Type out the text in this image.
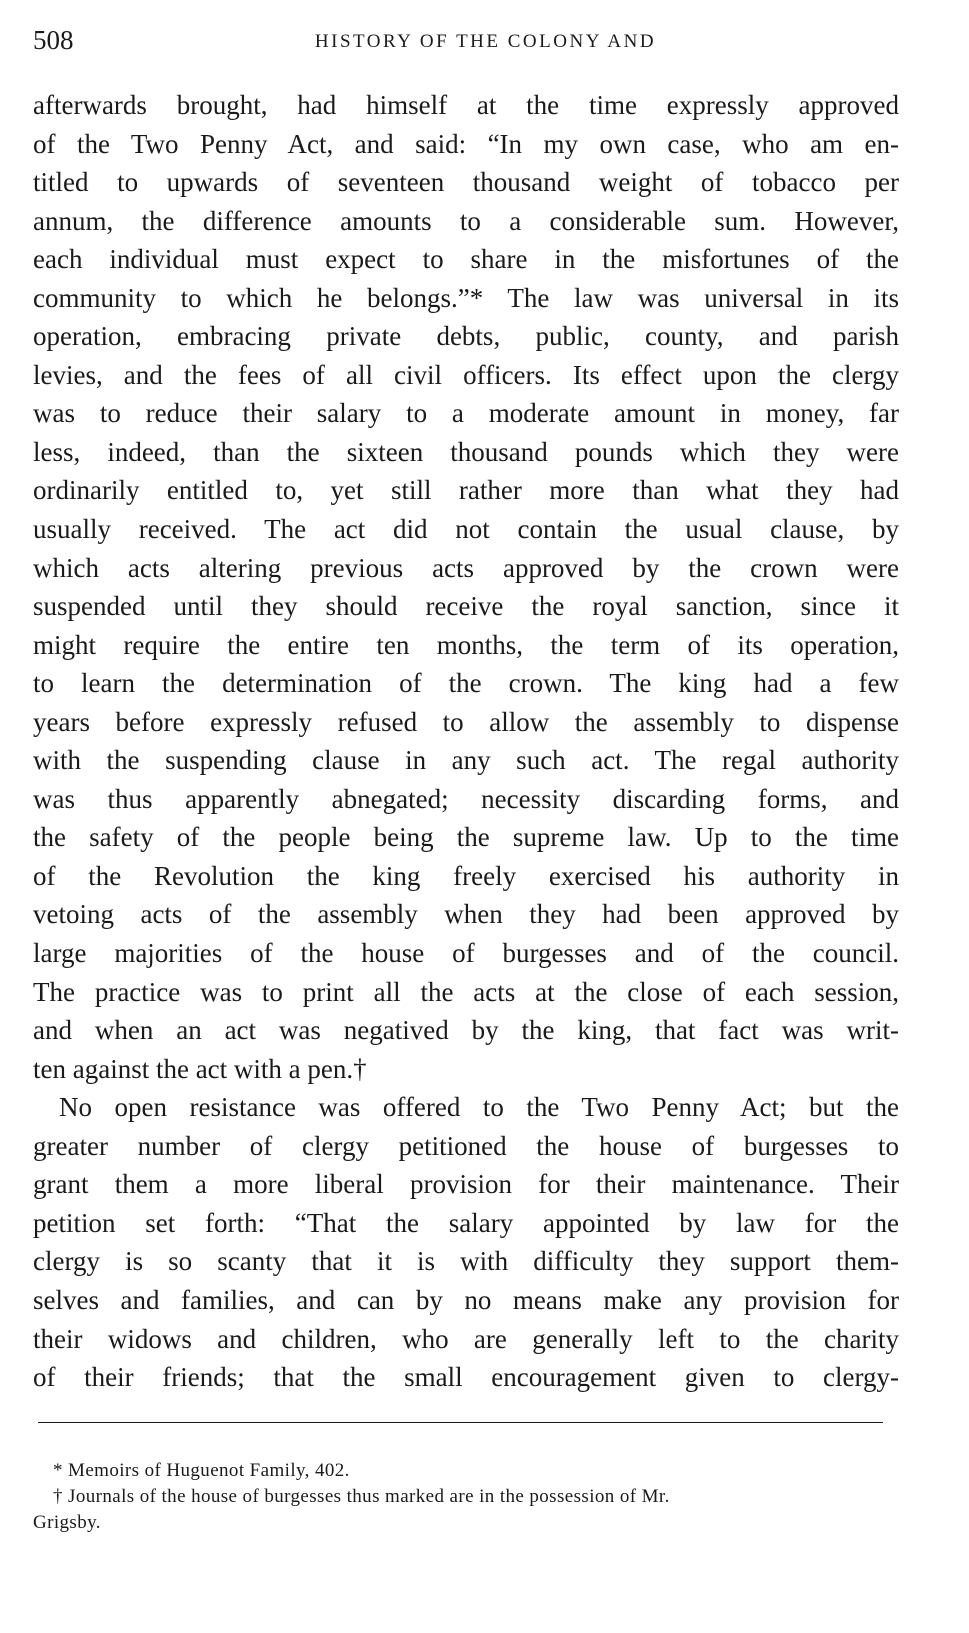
508	HISTORY OF THE COLONY AND
afterwards brought, had himself at the time expressly approved
of the Two Penny Act, and said: “In my own case, who am en-
titled to upwards of seventeen thousand weight of tobacco per
annum, the difference amounts to a considerable sum. However,
each individual must expect to share in the misfortunes of the
community to which he belongs.”* The law was universal in its
operation, embracing private debts, public, county, and parish
levies, and the fees of all civil officers. Its effect upon the clergy
was to reduce their salary to a moderate amount in money, far
less, indeed, than the sixteen thousand pounds which they were
ordinarily entitled to, yet still rather more than what they had
usually received. The act did not contain the usual clause, by
which acts altering previous acts approved by the crown were
suspended until they should receive the royal sanction, since it
might require the entire ten months, the term of its operation,
to learn the determination of the crown. The king had a few
years before expressly refused to allow the assembly to dispense
with the suspending clause in any such act. The regal authority
was thus apparently abnegated; necessity discarding forms, and
the safety of the people being the supreme law. Up to the time
of the Revolution the king freely exercised his authority in
vetoing acts of the assembly when they had been approved by
large majorities of the house of burgesses and of the council.
The practice was to print all the acts at the close of each session,
and when an act was negatived by the king, that fact was writ-
ten against the act with a pen.†
No open resistance was offered to the Two Penny Act; but the
greater number of clergy petitioned the house of burgesses to
grant them a more liberal provision for their maintenance. Their
petition set forth: “That the salary appointed by law for the
clergy is so scanty that it is with difficulty they support them-
selves and families, and can by no means make any provision for
their widows and children, who are generally left to the charity
of their friends; that the small encouragement given to clergy-
* Memoirs of Huguenot Family, 402.
† Journals of the house of burgesses thus marked are in the possession of Mr.
Grigsby.
